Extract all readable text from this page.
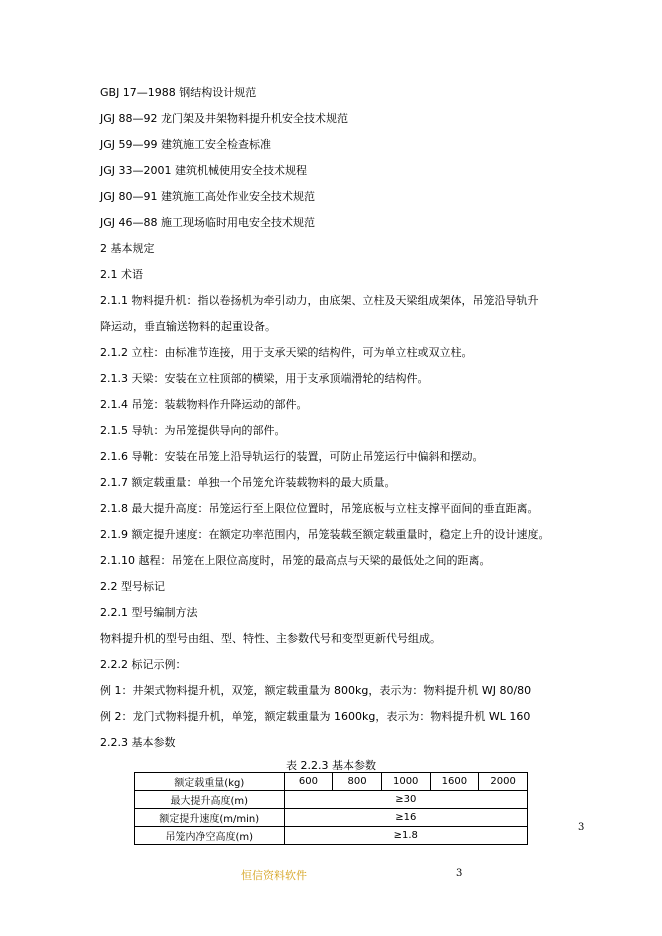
GBJ 17—1988 钢结构设计规范
JGJ 88—92 龙门架及井架物料提升机安全技术规范
JGJ 59—99 建筑施工安全检查标准
JGJ 33—2001 建筑机械使用安全技术规程
JGJ 80—91 建筑施工高处作业安全技术规范
JGJ 46—88 施工现场临时用电安全技术规范
2 基本规定
2.1 术语
2.1.1 物料提升机：指以卷扬机为牵引动力，由底架、立柱及天梁组成架体，吊笼沿导轨升
降运动，垂直输送物料的起重设备。
2.1.2 立柱：由标准节连接，用于支承天梁的结构件，可为单立柱或双立柱。
2.1.3 天梁：安装在立柱顶部的横梁，用于支承顶端滑轮的结构件。
2.1.4 吊笼：装载物料作升降运动的部件。
2.1.5 导轨：为吊笼提供导向的部件。
2.1.6 导靴：安装在吊笼上沿导轨运行的装置，可防止吊笼运行中偏斜和摆动。
2.1.7 额定载重量：单独一个吊笼允许装载物料的最大质量。
2.1.8 最大提升高度：吊笼运行至上限位位置时，吊笼底板与立柱支撑平面间的垂直距离。
2.1.9 额定提升速度：在额定功率范围内，吊笼装载至额定载重量时，稳定上升的设计速度。
2.1.10 越程：吊笼在上限位高度时，吊笼的最高点与天梁的最低处之间的距离。
2.2 型号标记
2.2.1 型号编制方法
物料提升机的型号由组、型、特性、主参数代号和变型更新代号组成。
2.2.2 标记示例：
例 1：井架式物料提升机，双笼，额定载重量为 800kg，表示为：物料提升机 WJ 80/80
例 2：龙门式物料提升机，单笼，额定载重量为 1600kg，表示为：物料提升机 WL 160
2.2.3 基本参数
表 2.2.3 基本参数
额定载重量(kg)	600	800	1000	1600	2000
最大提升高度(m)	≥30				
额定提升速度(m/min)	≥16				
吊笼内净空高度(m)	≥1.8				
3
恒信资料软件	3
